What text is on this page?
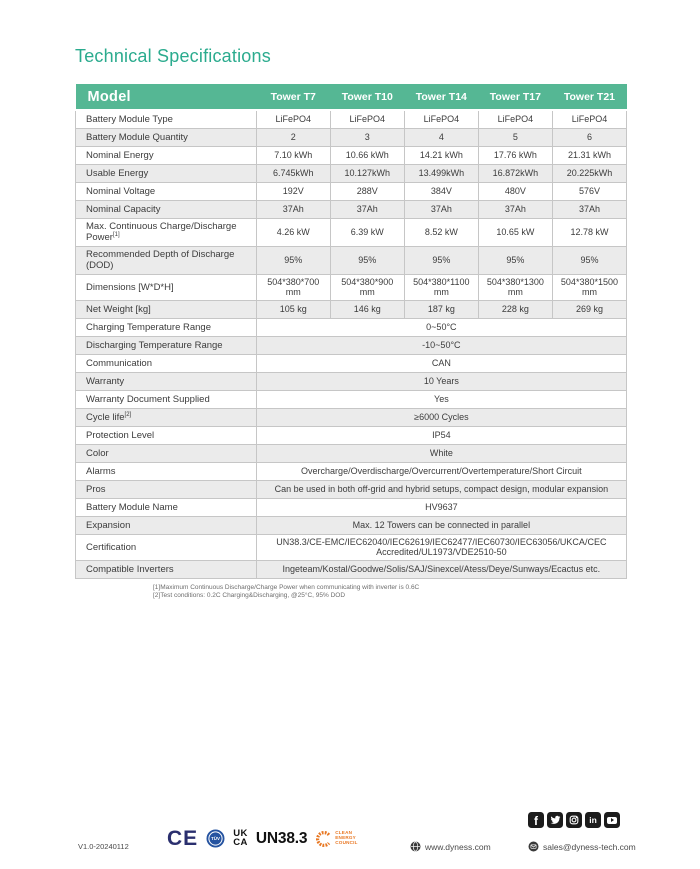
Technical Specifications
Model	Tower T7	Tower T10	Tower T14	Tower T17	Tower T21
Battery Module Type	LiFePO4	LiFePO4	LiFePO4	LiFePO4	LiFePO4
Battery Module Quantity	2	3	4	5	6
Nominal Energy	7.10 kWh	10.66 kWh	14.21 kWh	17.76 kWh	21.31 kWh
Usable Energy	6.745kWh	10.127kWh	13.499kWh	16.872kWh	20.225kWh
Nominal Voltage	192V	288V	384V	480V	576V
Nominal Capacity	37Ah	37Ah	37Ah	37Ah	37Ah
Max. Continuous Charge/Discharge Power[1]	4.26 kW	6.39 kW	8.52 kW	10.65 kW	12.78 kW
Recommended Depth of Discharge (DOD)	95%	95%	95%	95%	95%
Dimensions [W*D*H]	504*380*700 mm	504*380*900 mm	504*380*1100 mm	504*380*1300 mm	504*380*1500 mm
Net Weight [kg]	105 kg	146 kg	187 kg	228 kg	269 kg
Charging Temperature Range	0~50°C				
Discharging Temperature Range	-10~50°C				
Communication	CAN				
Warranty	10 Years				
Warranty Document Supplied	Yes				
Cycle life[2]	≥6000 Cycles				
Protection Level	IP54				
Color	White				
Alarms	Overcharge/Overdischarge/Overcurrent/Overtemperature/Short Circuit				
Pros	Can be used in both off-grid and hybrid setups, compact design, modular expansion				
Battery Module Name	HV9637				
Expansion	Max. 12 Towers can be connected in parallel				
Certification	UN38.3/CE-EMC/IEC62040/IEC62619/IEC62477/IEC60730/IEC63056/UKCA/CEC Accredited/UL1973/VDE2510-50				
Compatible Inverters	Ingeteam/Kostal/Goodwe/Solis/SAJ/Sinexcel/Atess/Deye/Sunways/Ecactus etc.				
[1]Maximum Continuous Discharge/Charge Power when communicating with inverter is 0.6C
[2]Test conditions: 0.2C Charging&Discharging, @25°C, 95% DOD
V1.0-20240112 CE	TÜV UK
CA UN38.3	CLEAN
ENERGY
COUNCIL
f	in
www.dyness.com	sales@dyness-tech.com
